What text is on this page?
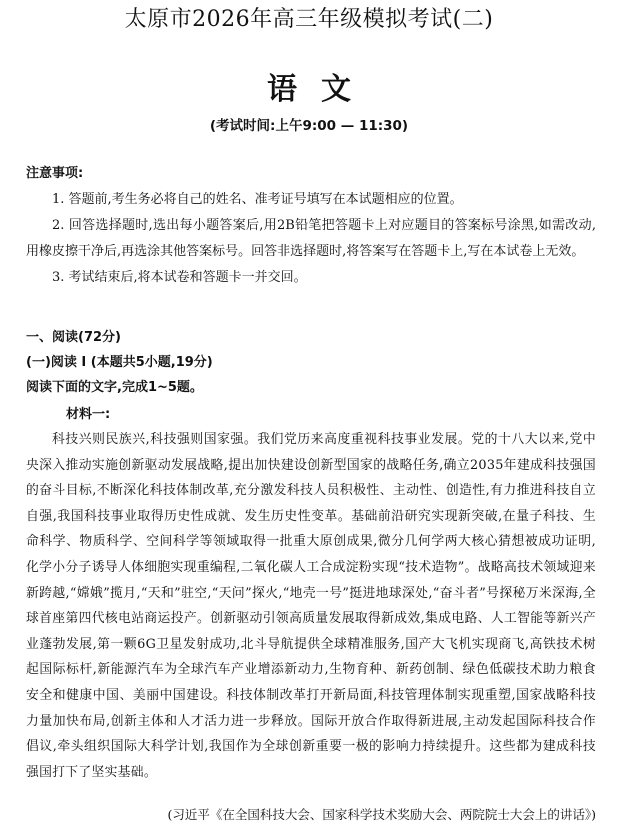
太原市2026年高三年级模拟考试(二)
语文
(考试时间:上午9:00 — 11:30)
注意事项:

1. 答题前,考生务必将自己的姓名、准考证号填写在本试题相应的位置。

2. 回答选择题时,选出每小题答案后,用2B铅笔把答题卡上对应题目的答案标号涂黑,如需改动,用橡皮擦干净后,再选涂其他答案标号。回答非选择题时,将答案写在答题卡上,写在本试卷上无效。

3. 考试结束后,将本试卷和答题卡一并交回。

一、阅读(72分)
(一)阅读 I (本题共5小题,19分)
阅读下面的文字,完成1~5题。
材料一:
科技兴则民族兴,科技强则国家强。我们党历来高度重视科技事业发展。党的十八大以来,党中央深入推动实施创新驱动发展战略,提出加快建设创新型国家的战略任务,确立2035年建成科技强国的奋斗目标,不断深化科技体制改革,充分激发科技人员积极性、主动性、创造性,有力推进科技自立自强,我国科技事业取得历史性成就、发生历史性变革。基础前沿研究实现新突破,在量子科技、生命科学、物质科学、空间科学等领域取得一批重大原创成果,微分几何学两大核心猜想被成功证明,化学小分子诱导人体细胞实现重编程,二氧化碳人工合成淀粉实现“技术造物”。战略高技术领域迎来新跨越,“嫦娥”揽月,“天和”驻空,“天问”探火,“地壳一号”挺进地球深处,“奋斗者”号探秘万米深海,全球首座第四代核电站商运投产。创新驱动引领高质量发展取得新成效,集成电路、人工智能等新兴产业蓬勃发展,第一颗6G卫星发射成功,北斗导航提供全球精准服务,国产大飞机实现商飞,高铁技术树起国际标杆,新能源汽车为全球汽车产业增添新动力,生物育种、新药创制、绿色低碳技术助力粮食安全和健康中国、美丽中国建设。科技体制改革打开新局面,科技管理体制实现重塑,国家战略科技力量加快布局,创新主体和人才活力进一步释放。国际开放合作取得新进展,主动发起国际科技合作倡议,牵头组织国际大科学计划,我国作为全球创新重要一极的影响力持续提升。这些都为建成科技强国打下了坚实基础。
(习近平《在全国科技大会、国家科学技术奖励大会、两院院士大会上的讲话》)
